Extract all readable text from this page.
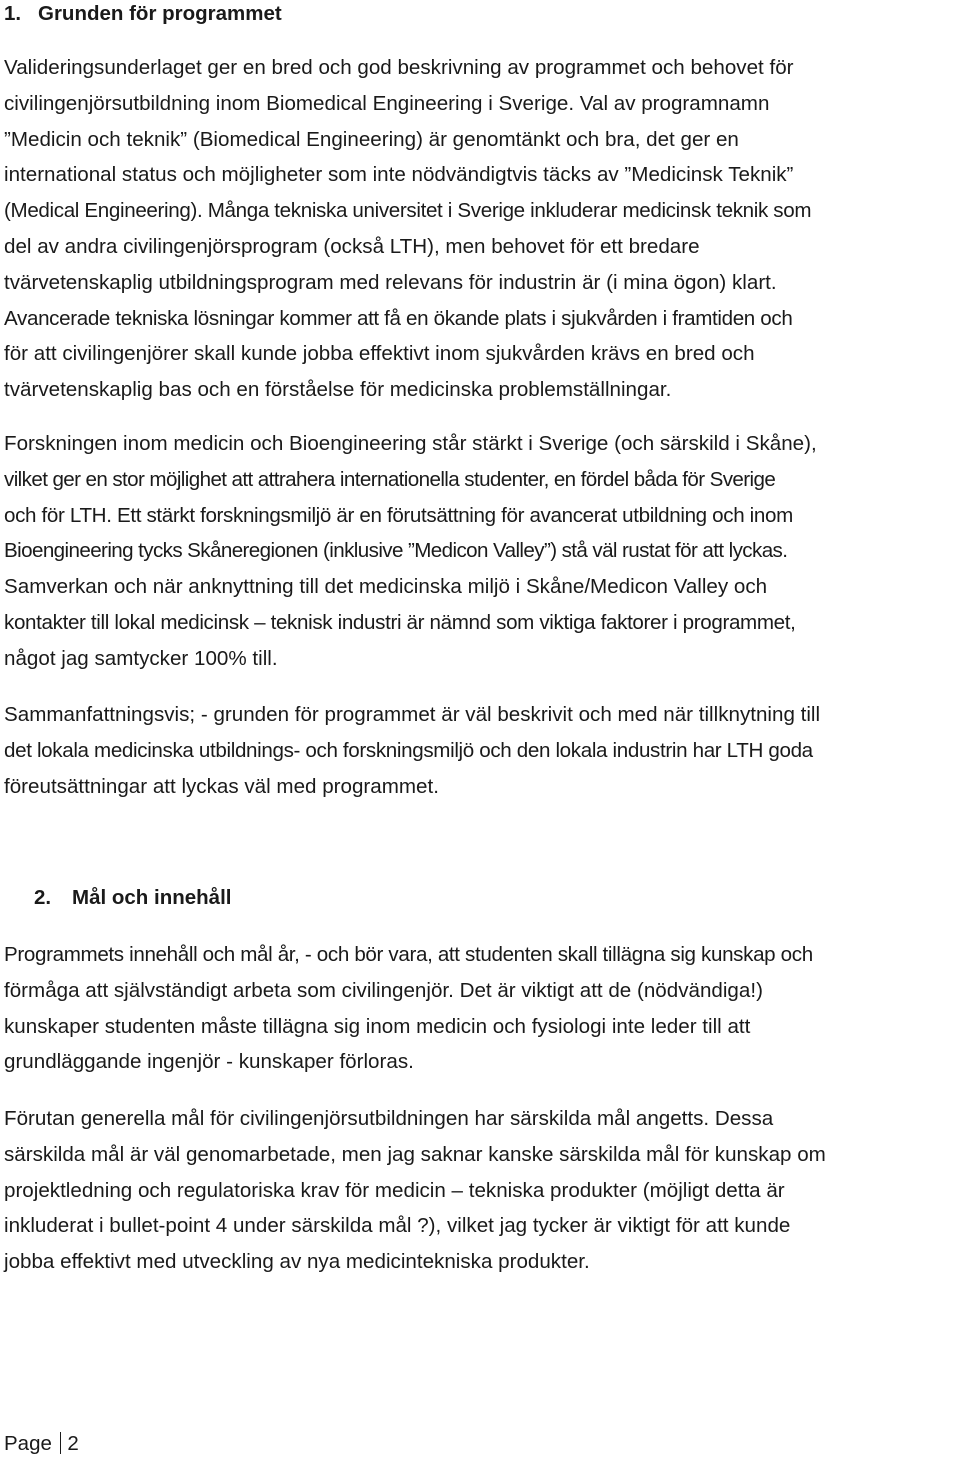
1. Grunden för programmet
Valideringsunderlaget ger en bred och god beskrivning av programmet och behovet för
civilingenjörsutbildning inom Biomedical Engineering i Sverige. Val av programnamn
”Medicin och teknik” (Biomedical Engineering) är genomtänkt och bra, det ger en
international status och möjligheter som inte nödvändigtvis täcks av ”Medicinsk Teknik”
(Medical Engineering). Många tekniska universitet i Sverige inkluderar medicinsk teknik som
del av andra civilingenjörsprogram (också LTH), men behovet för ett bredare
tvärvetenskaplig utbildningsprogram med relevans för industrin är (i mina ögon) klart.
Avancerade tekniska lösningar kommer att få en ökande plats i sjukvården i framtiden och
för att civilingenjörer skall kunde jobba effektivt inom sjukvården krävs en bred och
tvärvetenskaplig bas och en förståelse för medicinska problemställningar.
Forskningen inom medicin och Bioengineering står stärkt i Sverige (och särskild i Skåne),
vilket ger en stor möjlighet att attrahera internationella studenter, en fördel båda för Sverige
och för LTH. Ett stärkt forskningsmiljö är en förutsättning för avancerat utbildning och inom
Bioengineering tycks Skåneregionen (inklusive ”Medicon Valley”) stå väl rustat för att lyckas.
Samverkan och när anknyttning till det medicinska miljö i Skåne/Medicon Valley och
kontakter till lokal medicinsk – teknisk industri är nämnd som viktiga faktorer i programmet,
något jag samtycker 100% till.
Sammanfattningsvis; - grunden för programmet är väl beskrivit och med när tillknytning till
det lokala medicinska utbildnings- och forskningsmiljö och den lokala industrin har LTH goda
föreutsättningar att lyckas väl med programmet.
2. Mål och innehåll
Programmets innehåll och mål år, - och bör vara, att studenten skall tillägna sig kunskap och
förmåga att självständigt arbeta som civilingenjör. Det är viktigt att de (nödvändiga!)
kunskaper studenten måste tillägna sig inom medicin och fysiologi inte leder till att
grundläggande ingenjör - kunskaper förloras.
Förutan generella mål för civilingenjörsutbildningen har särskilda mål angetts. Dessa
särskilda mål är väl genomarbetade, men jag saknar kanske särskilda mål för kunskap om
projektledning och regulatoriska krav för medicin – tekniska produkter (möjligt detta är
inkluderat i bullet-point 4 under särskilda mål ?), vilket jag tycker är viktigt för att kunde
jobba effektivt med utveckling av nya medicintekniska produkter.
Page 2
